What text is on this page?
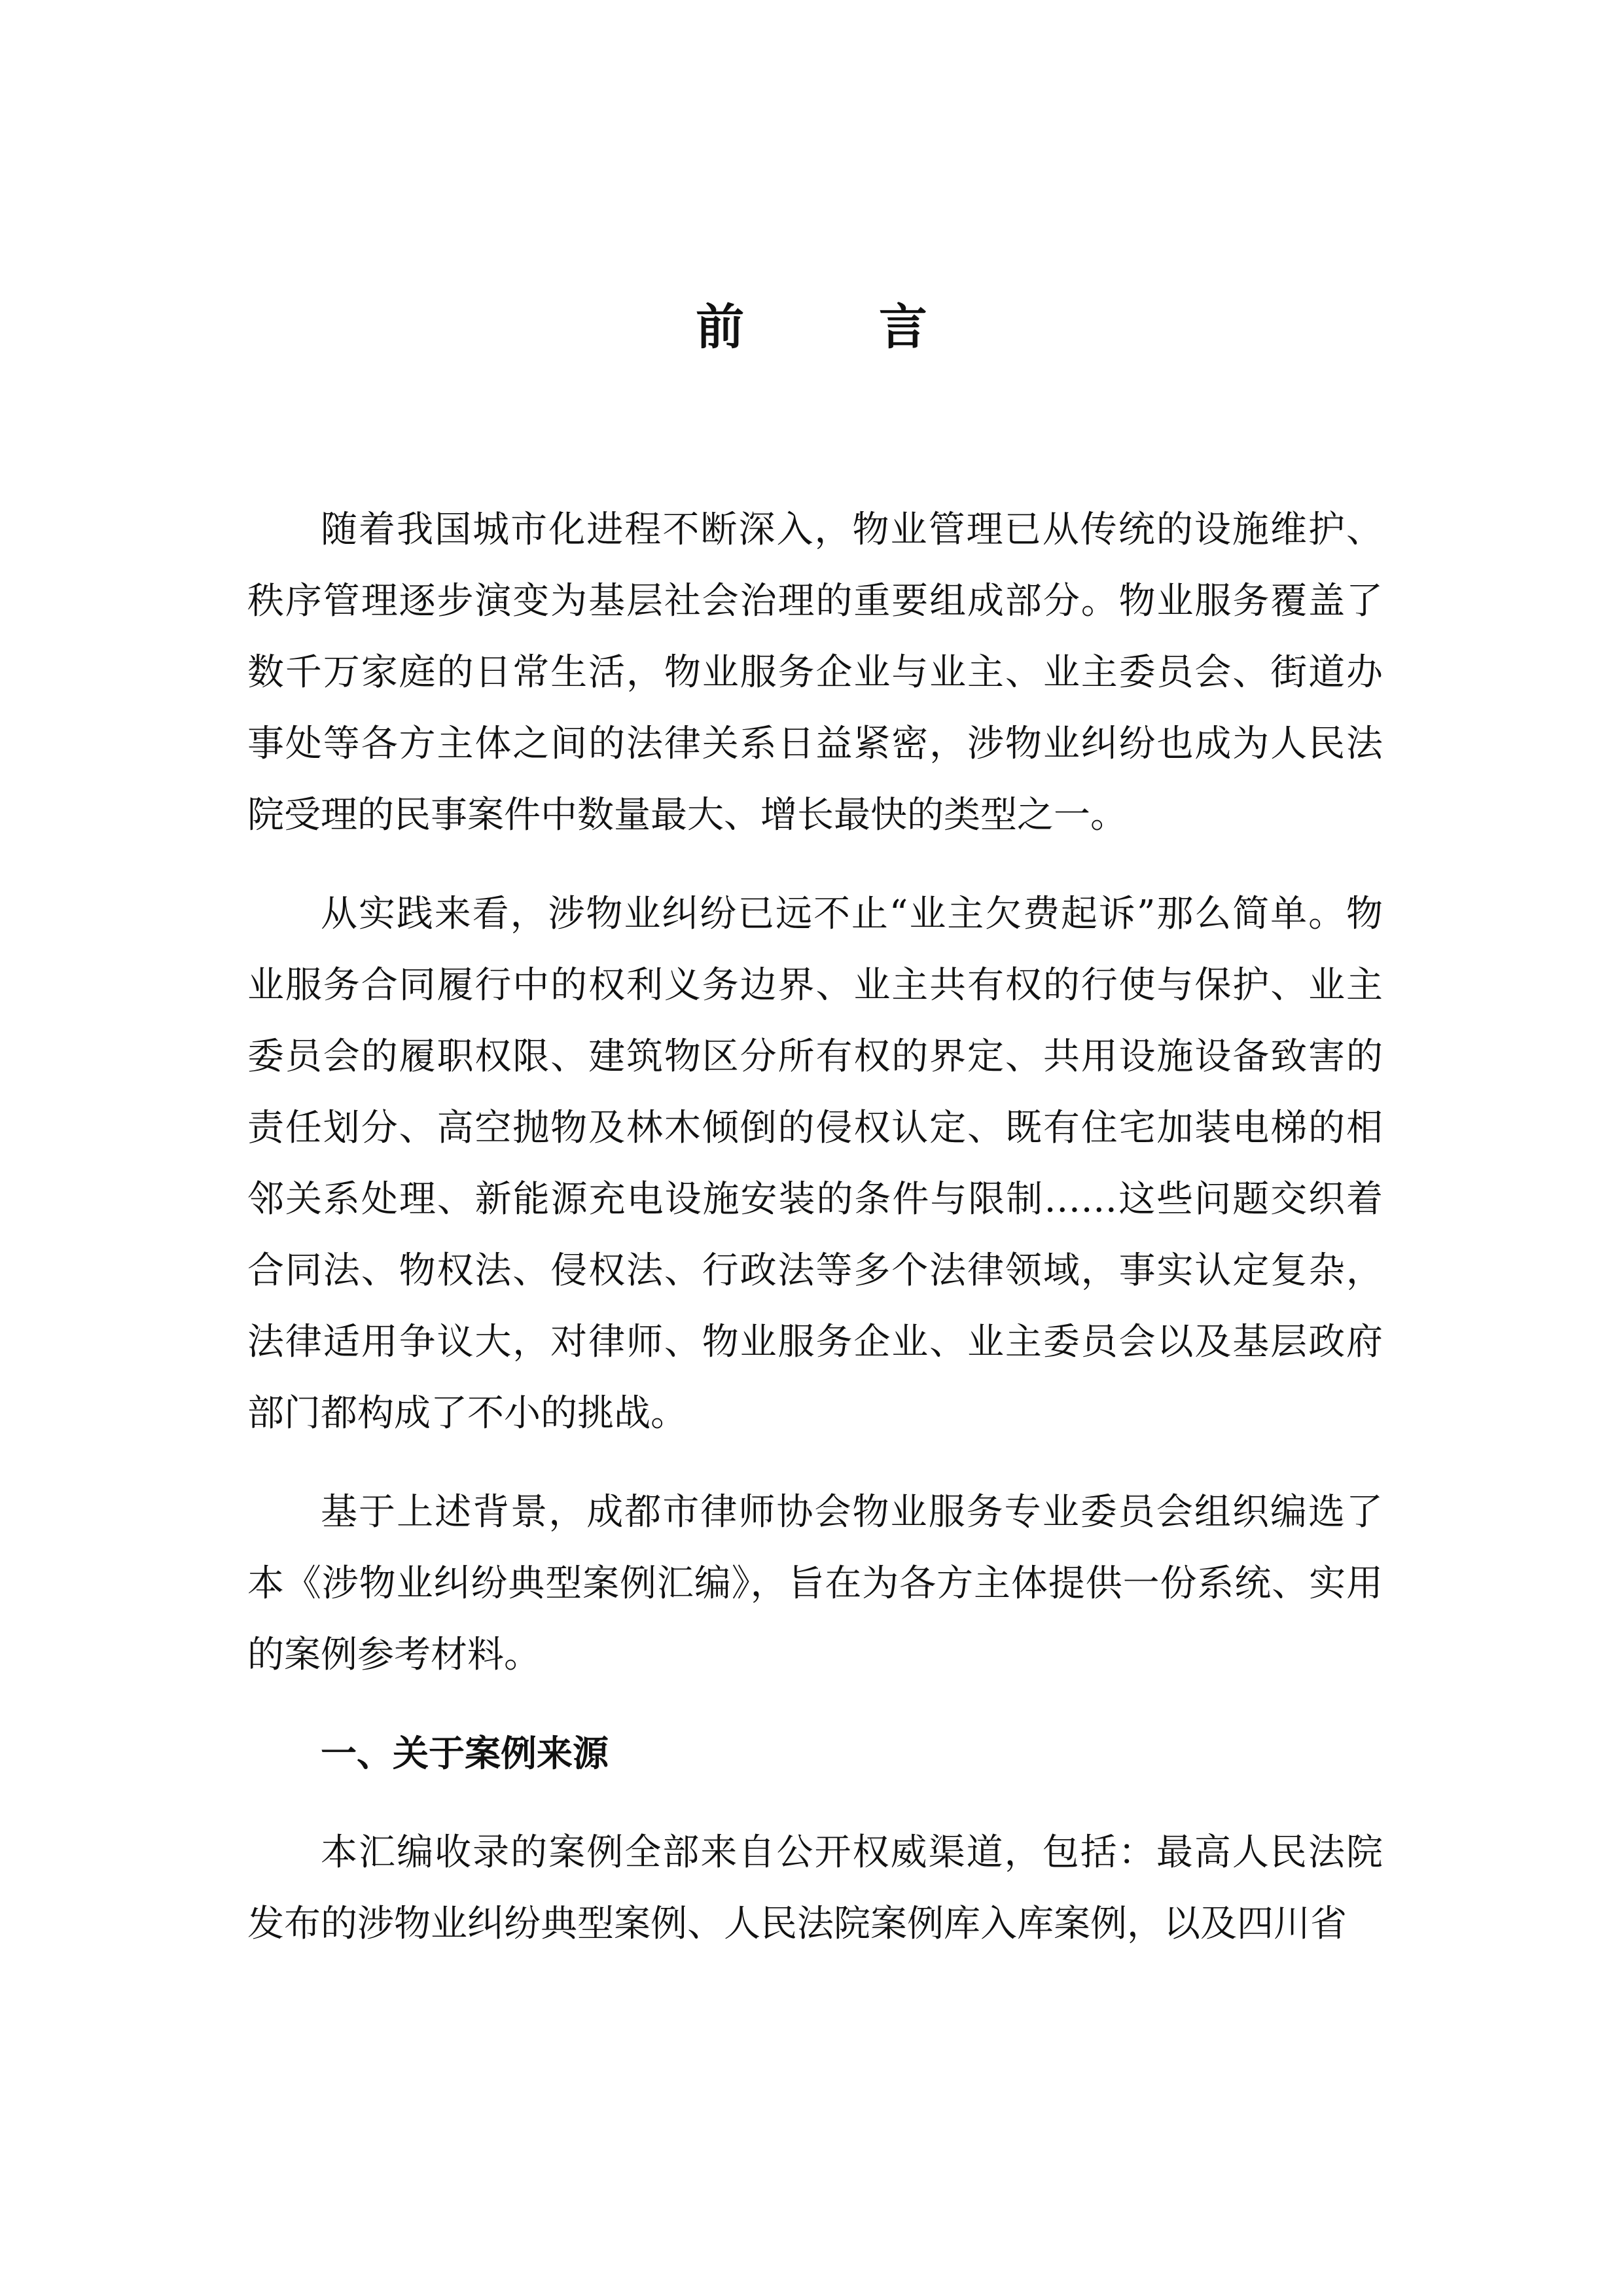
前 言

随着我国城市化进程不断深入，物业管理已从传统的设施维护、秩序管理逐步演变为基层社会治理的重要组成部分。物业服务覆盖了数千万家庭的日常生活，物业服务企业与业主、业主委员会、街道办事处等各方主体之间的法律关系日益紧密，涉物业纠纷也成为人民法院受理的民事案件中数量最大、增长最快的类型之一。

从实践来看，涉物业纠纷已远不止“业主欠费起诉”那么简单。物业服务合同履行中的权利义务边界、业主共有权的行使与保护、业主委员会的履职权限、建筑物区分所有权的界定、共用设施设备致害的责任划分、高空抛物及林木倾倒的侵权认定、既有住宅加装电梯的相邻关系处理、新能源充电设施安装的条件与限制……这些问题交织着合同法、物权法、侵权法、行政法等多个法律领域，事实认定复杂，法律适用争议大，对律师、物业服务企业、业主委员会以及基层政府部门都构成了不小的挑战。

基于上述背景，成都市律师协会物业服务专业委员会组织编选了本《涉物业纠纷典型案例汇编》，旨在为各方主体提供一份系统、实用的案例参考材料。

一、关于案例来源

本汇编收录的案例全部来自公开权威渠道，包括：最高人民法院发布的涉物业纠纷典型案例、人民法院案例库入库案例，以及四川省
